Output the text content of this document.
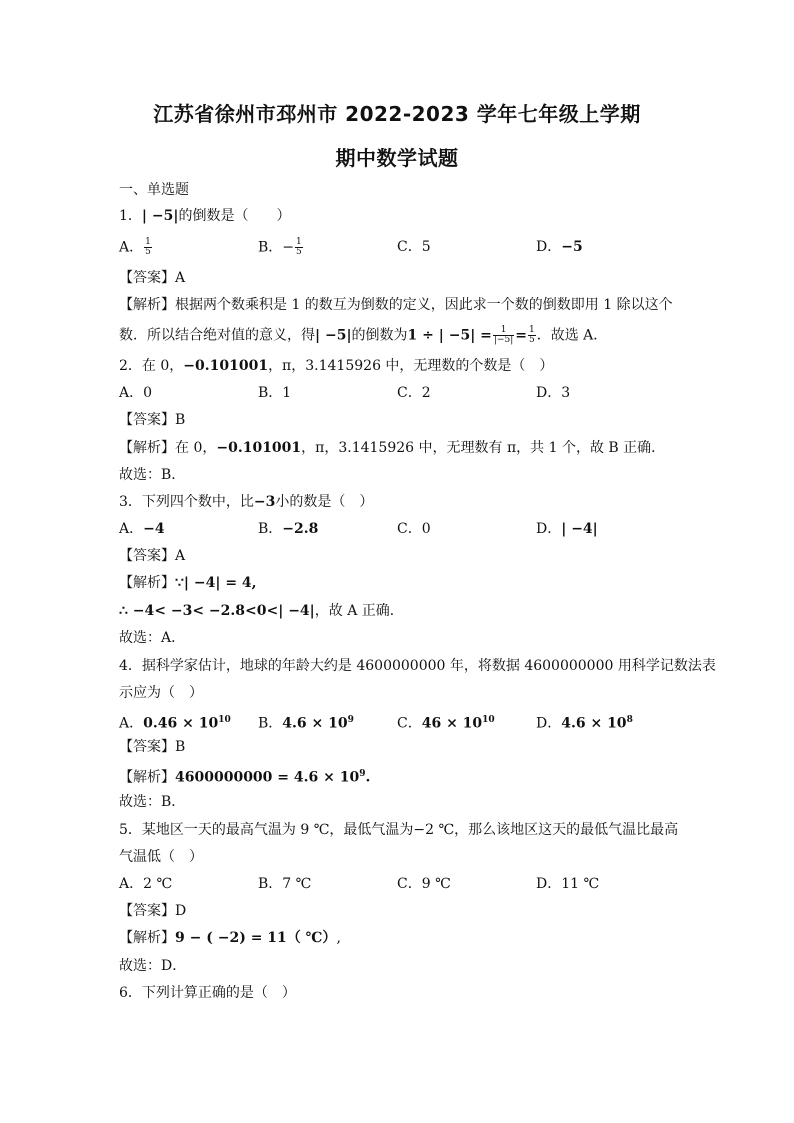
江苏省徐州市邳州市 2022-2023 学年七年级上学期
期中数学试题
一、单选题
1．| −5|的倒数是（　　）
A． $\frac{1}{5}$	B．− $\frac{1}{5}$	C．5	D．−5
【答案】A
【解析】根据两个数乘积是 1 的数互为倒数的定义，因此求一个数的倒数即用 1 除以这个
数．所以结合绝对值的意义，得| −5|的倒数为1 ÷ | $-5| = \frac{1}{|-5|} = \frac{1}{5}$ ．故选 A．
2．在 0，−0.101001，π，3.1415926 中，无理数的个数是（　）
A．0	B．1	C．2	D．3
【答案】B
【解析】在 0，−0.101001，π，3.1415926 中，无理数有 π，共 1 个，故 B 正确．
故选：B．
3．下列四个数中，比−3小的数是（　）
A．−4	B．−2.8	C．0	D．| −4|
【答案】A
【解析】∵| −4| = 4,
∴ −4< −3< −2.8<0<| −4|，故 A 正确．
故选：A．
4．据科学家估计，地球的年龄大约是 4600000000 年，将数据 4600000000 用科学记数法表
示应为（　）
A．$0.46 \times 10^{10}$ B．$4.6 \times 10^9$	C．$46 \times 10^{10}$	D．$4.6 \times 10^8$
【答案】B
【解析】$4600000000 = 4.6 \times 10^9$.
故选：B．
5．某地区一天的最高气温为 9 ℃，最低气温为−2 ℃，那么该地区这天的最低气温比最高
气温低（　）
A．2 ℃	B．7 ℃	C．9 ℃	D．11 ℃
【答案】D
【解析】9 − ( −2) = 11（ ℃）,
故选：D．
6．下列计算正确的是（　）
